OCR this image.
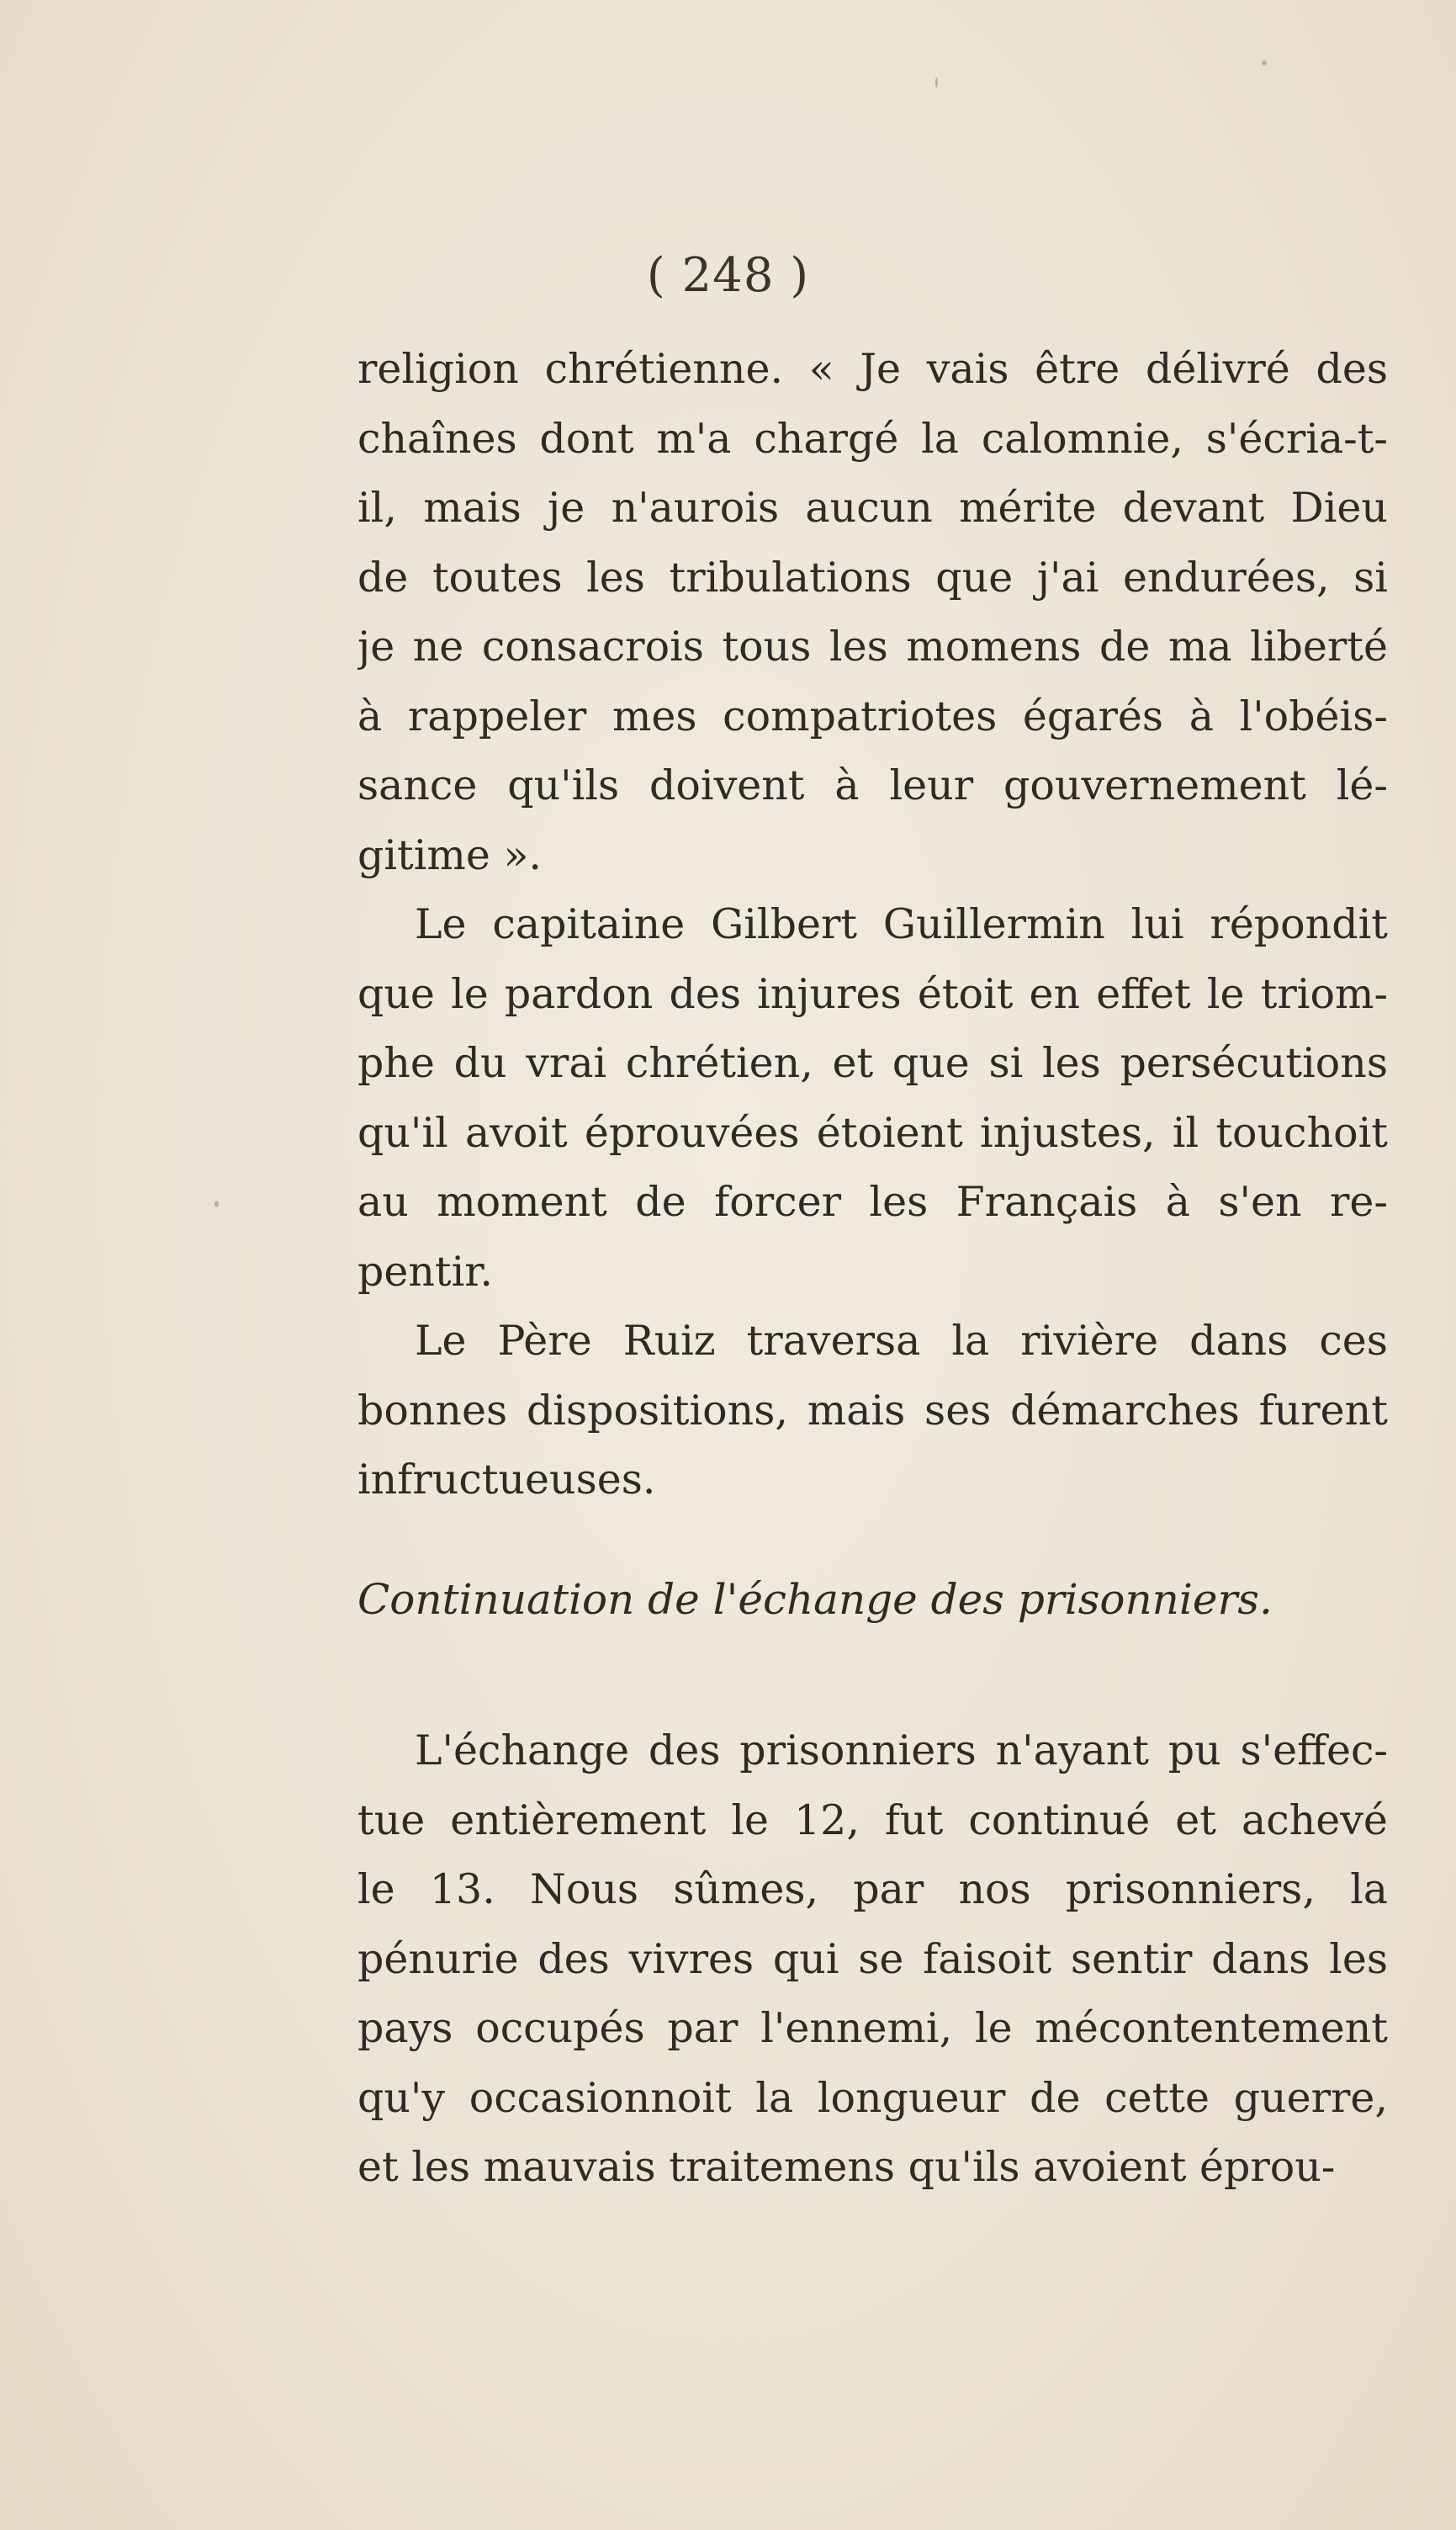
( 248 )
religion chrétienne. « Je vais être délivré des
chaînes dont m'a chargé la calomnie, s'écria-t-
il, mais je n'aurois aucun mérite devant Dieu
de toutes les tribulations que j'ai endurées, si
je ne consacrois tous les momens de ma liberté
à rappeler mes compatriotes égarés à l'obéis-
sance qu'ils doivent à leur gouvernement lé-
gitime ».
Le capitaine Gilbert Guillermin lui répondit
que le pardon des injures étoit en effet le triom-
phe du vrai chrétien, et que si les persécutions
qu'il avoit éprouvées étoient injustes, il touchoit
au moment de forcer les Français à s'en re-
pentir.
Le Père Ruiz traversa la rivière dans ces
bonnes dispositions, mais ses démarches furent
infructueuses.
Continuation de l'échange des prisonniers.
L'échange des prisonniers n'ayant pu s'effec-
tue entièrement le 12, fut continué et achevé
le 13. Nous sûmes, par nos prisonniers, la
pénurie des vivres qui se faisoit sentir dans les
pays occupés par l'ennemi, le mécontentement
qu'y occasionnoit la longueur de cette guerre,
et les mauvais traitemens qu'ils avoient éprou-
